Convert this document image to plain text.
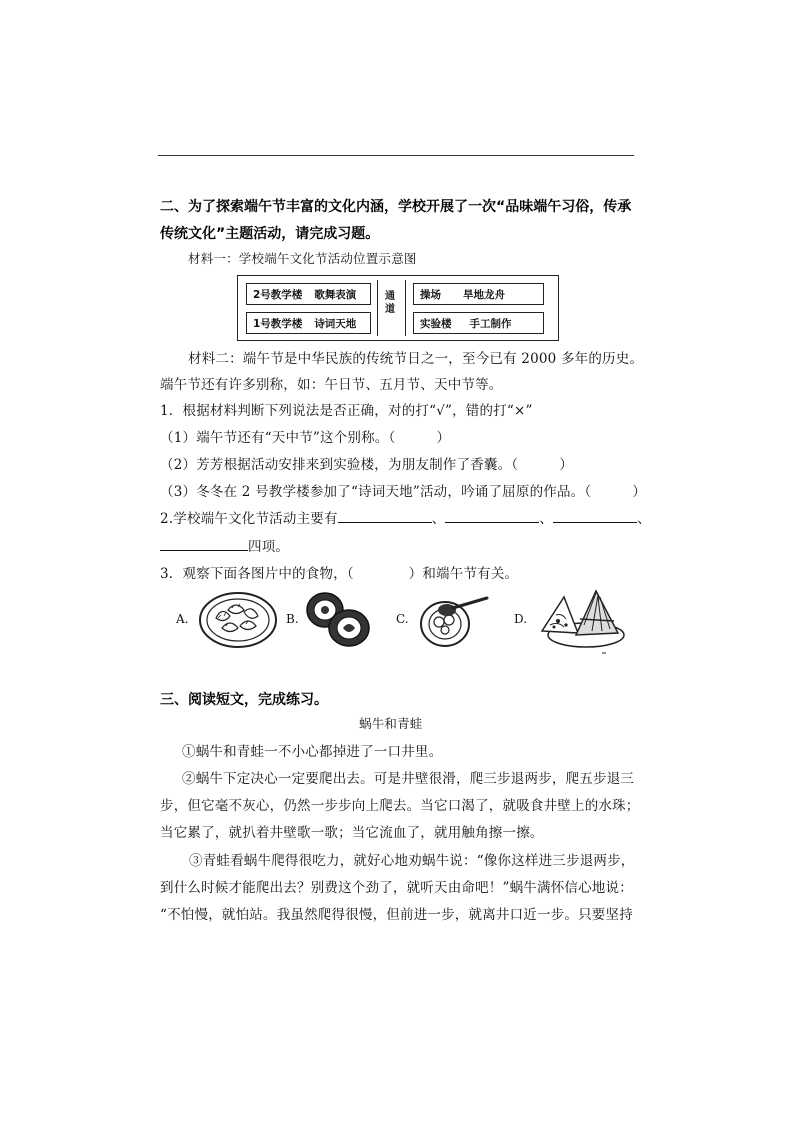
二、为了探索端午节丰富的文化内涵，学校开展了一次“品味端午习俗，传承
传统文化”主题活动，请完成习题。
材料一：学校端午文化节活动位置示意图
2号教学楼 歌舞表演
1号教学楼 诗词天地
操场 旱地龙舟
实验楼 手工制作
通道
材料二：端午节是中华民族的传统节日之一，至今已有 2000 多年的历史。
端午节还有许多别称，如：午日节、五月节、天中节等。
1．根据材料判断下列说法是否正确，对的打“√”，错的打“×”
（1）端午节还有“天中节”这个别称。（　　　）
（2）芳芳根据活动安排来到实验楼，为朋友制作了香囊。（　　　）
（3）冬冬在 2 号教学楼参加了“诗词天地”活动，吟诵了屈原的作品。（　　　）
2.学校端午文化节活动主要有	、	、	、
四项。
3．观察下面各图片中的食物，（　　　　）和端午节有关。
A.	B.	C.	D.
三、阅读短文，完成练习。
蜗牛和青蛙
①蜗牛和青蛙一不小心都掉进了一口井里。
②蜗牛下定决心一定要爬出去。可是井壁很滑，爬三步退两步，爬五步退三
步，但它毫不灰心，仍然一步步向上爬去。当它口渴了，就吸食井壁上的水珠；
当它累了，就扒着井壁歌一歌；当它流血了，就用触角擦一擦。
③青蛙看蜗牛爬得很吃力，就好心地劝蜗牛说：“像你这样进三步退两步，
到什么时候才能爬出去？别费这个劲了，就听天由命吧！”蜗牛满怀信心地说：
“不怕慢，就怕站。我虽然爬得很慢，但前进一步，就离井口近一步。只要坚持
